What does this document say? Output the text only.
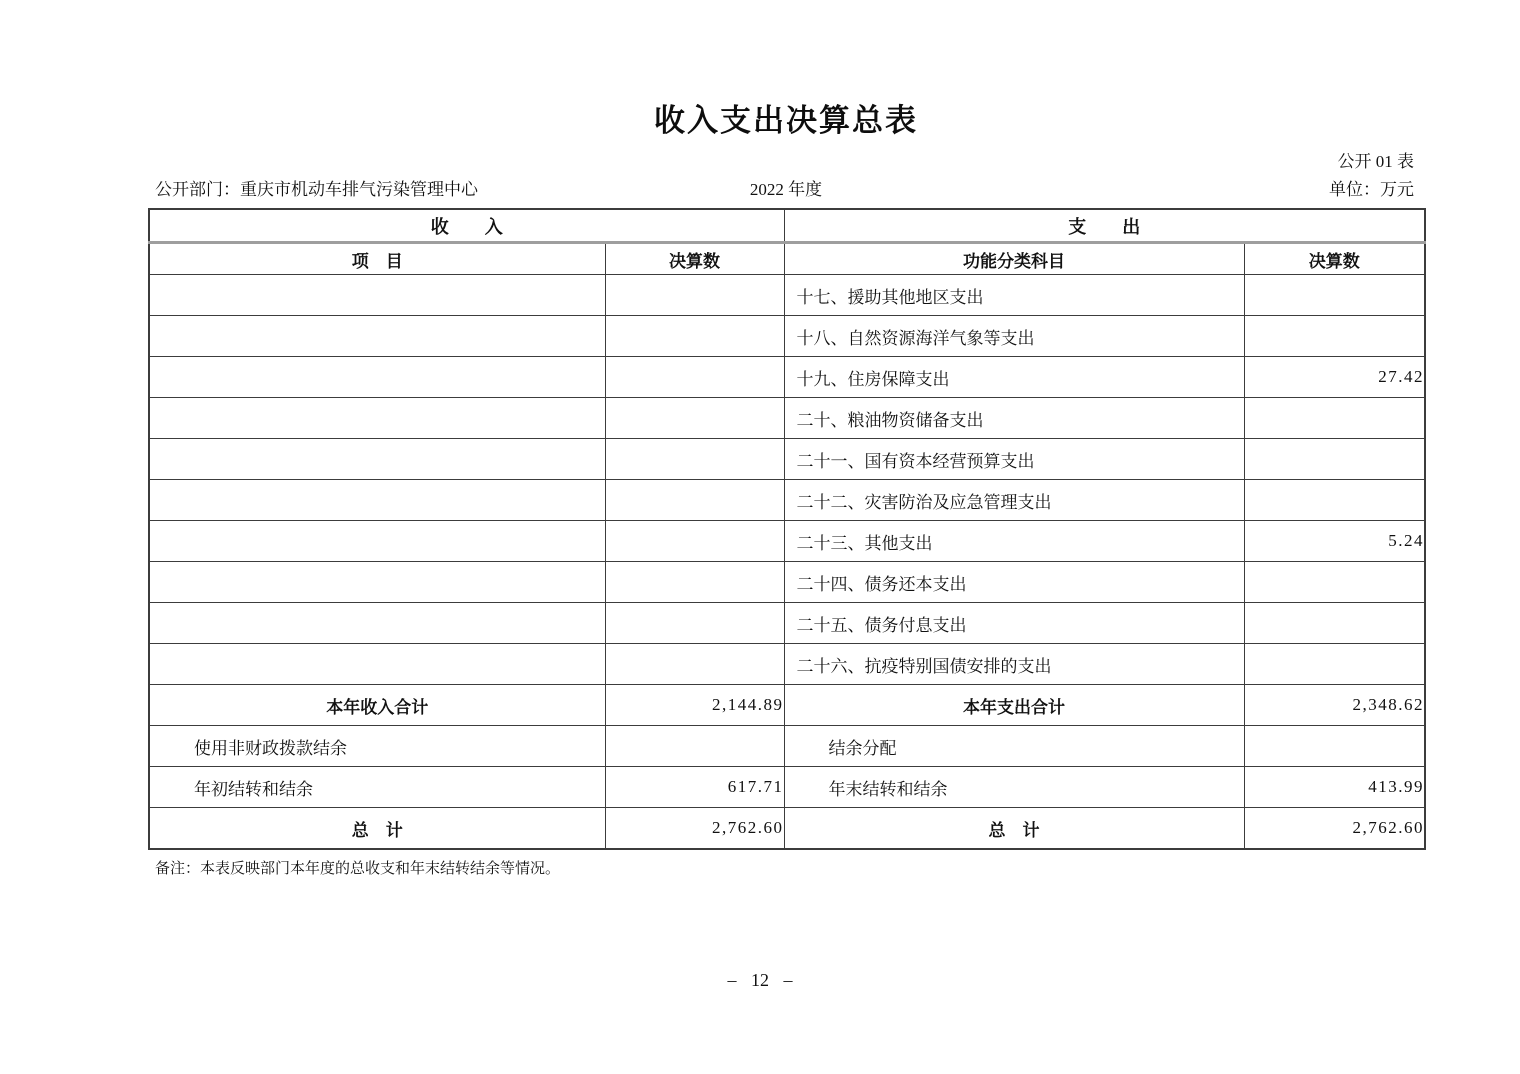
收入支出决算总表
公开 01 表
公开部门：重庆市机动车排气污染管理中心	2022 年度	单位：万元
收　　入		支　　出	
项　目	决算数	功能分类科目	决算数
		十七、援助其他地区支出	
		十八、自然资源海洋气象等支出	
		十九、住房保障支出	27.42
		二十、粮油物资储备支出	
		二十一、国有资本经营预算支出	
		二十二、灾害防治及应急管理支出	
		二十三、其他支出	5.24
		二十四、债务还本支出	
		二十五、债务付息支出	
		二十六、抗疫特别国债安排的支出	
本年收入合计	2,144.89	本年支出合计	2,348.62
使用非财政拨款结余		结余分配	
年初结转和结余	617.71	年末结转和结余	413.99
总　计	2,762.60	总　计	2,762.60
备注：本表反映部门本年度的总收支和年末结转结余等情况。
– 12 –
